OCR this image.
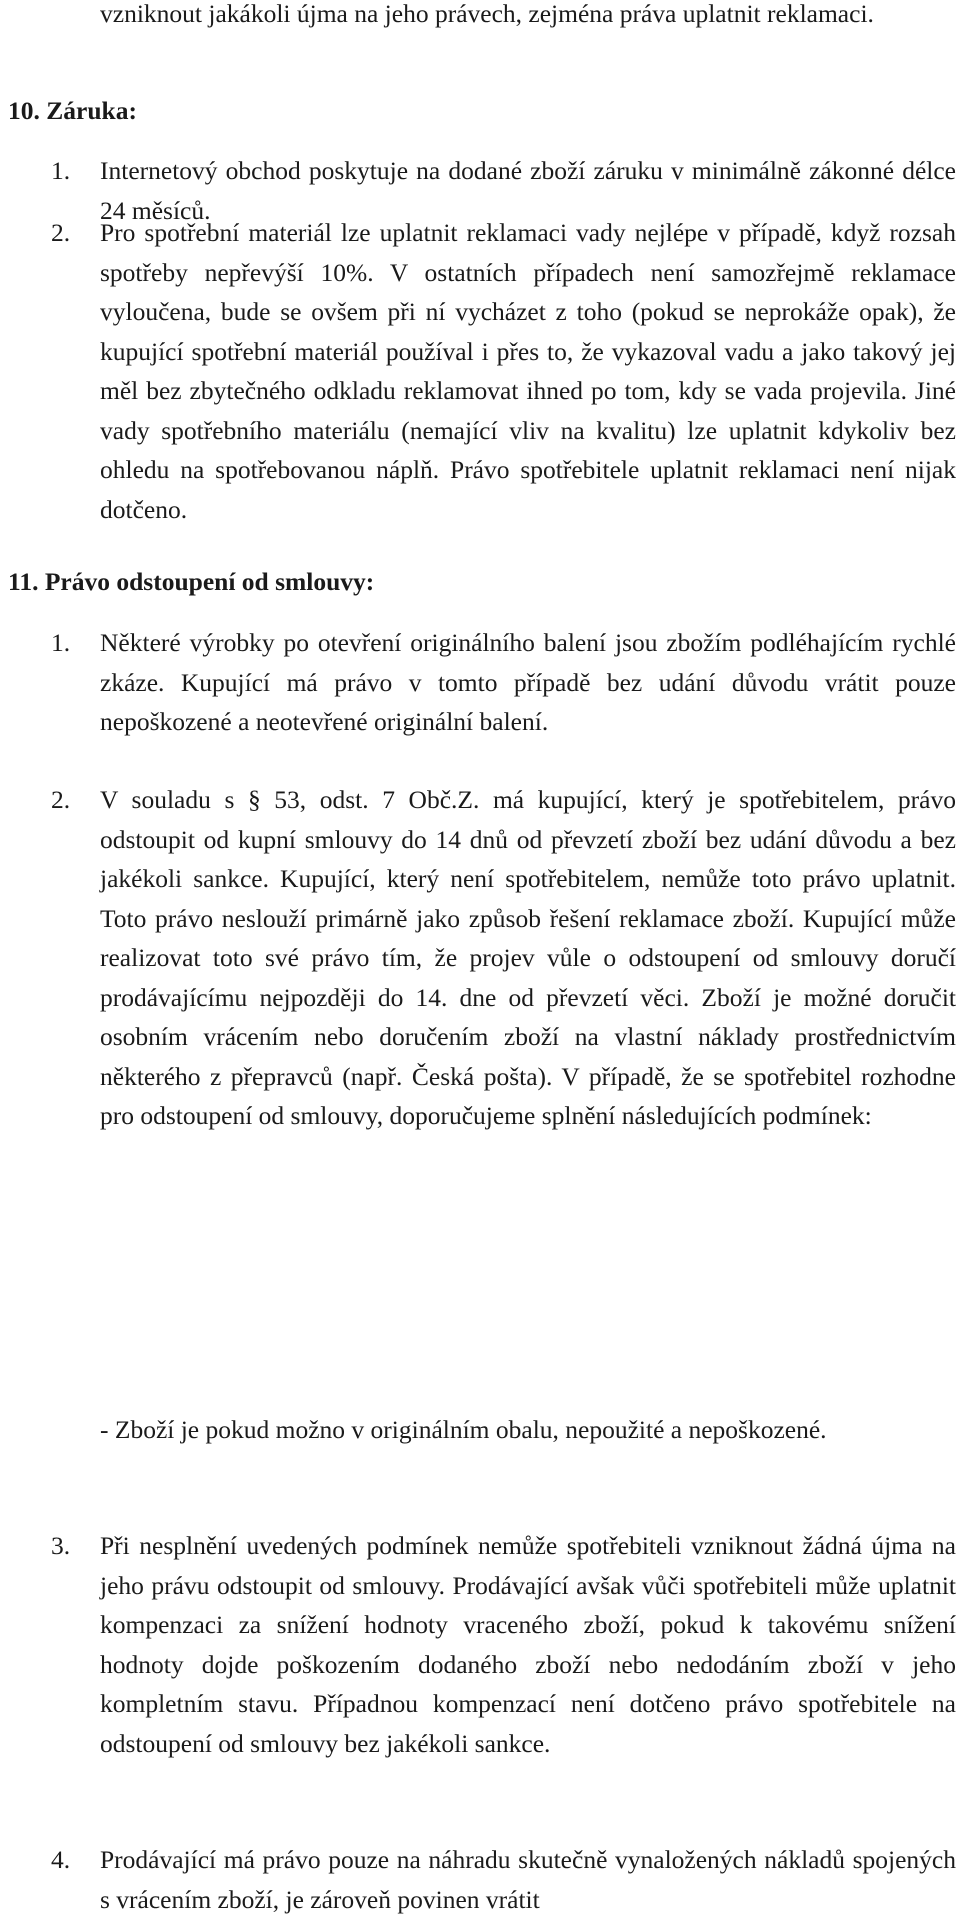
vzniknout jakákoli újma na jeho právech, zejména práva uplatnit reklamaci.

10. Záruka:
1.	Internetový obchod poskytuje na dodané zboží záruku v minimálně zákonné délce 24 měsíců.

2.	Pro spotřební materiál lze uplatnit reklamaci vady nejlépe v případě, když rozsah spotřeby nepřevýší 10%. V ostatních případech není samozřejmě reklamace vyloučena, bude se ovšem při ní vycházet z toho (pokud se neprokáže opak), že kupující spotřební materiál používal i přes to, že vykazoval vadu a jako takový jej měl bez zbytečného odkladu reklamovat ihned po tom, kdy se vada projevila. Jiné vady spotřebního materiálu (nemající vliv na kvalitu) lze uplatnit kdykoliv bez ohledu na spotřebovanou náplň. Právo spotřebitele uplatnit reklamaci není nijak dotčeno.

11. Právo odstoupení od smlouvy:
1.	Některé výrobky po otevření originálního balení jsou zbožím podléhajícím rychlé zkáze. Kupující má právo v tomto případě bez udání důvodu vrátit pouze nepoškozené a neotevřené originální balení.

2.	V souladu s § 53, odst. 7 Obč.Z. má kupující, který je spotřebitelem, právo odstoupit od kupní smlouvy do 14 dnů od převzetí zboží bez udání důvodu a bez jakékoli sankce. Kupující, který není spotřebitelem, nemůže toto právo uplatnit. Toto právo neslouží primárně jako způsob řešení reklamace zboží. Kupující může realizovat toto své právo tím, že projev vůle o odstoupení od smlouvy doručí prodávajícímu nejpozději do 14. dne od převzetí věci. Zboží je možné doručit osobním vrácením nebo doručením zboží na vlastní náklady prostřednictvím některého z přepravců (např. Česká pošta). V případě, že se spotřebitel rozhodne pro odstoupení od smlouvy, doporučujeme splnění následujících podmínek:

- Zboží je pokud možno v originálním obalu, nepoužité a nepoškozené.

3.	Při nesplnění uvedených podmínek nemůže spotřebiteli vzniknout žádná újma na jeho právu odstoupit od smlouvy. Prodávající avšak vůči spotřebiteli může uplatnit kompenzaci za snížení hodnoty vraceného zboží, pokud k takovému snížení hodnoty dojde poškozením dodaného zboží nebo nedodáním zboží v jeho kompletním stavu. Případnou kompenzací není dotčeno právo spotřebitele na odstoupení od smlouvy bez jakékoli sankce.

4.	Prodávající má právo pouze na náhradu skutečně vynaložených nákladů spojených s vrácením zboží, je zároveň povinen vrátit
